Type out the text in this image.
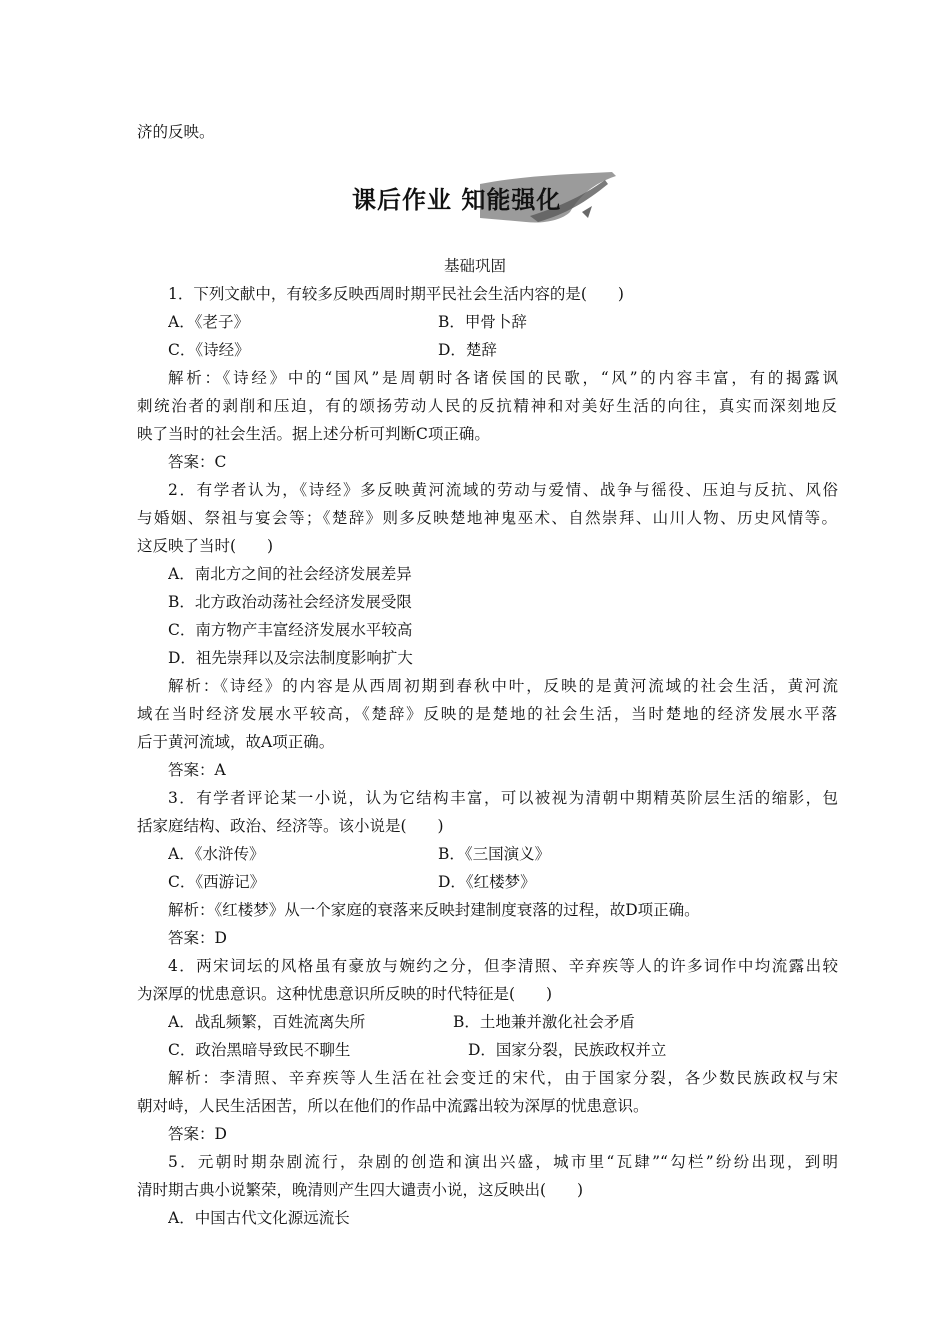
济的反映。
课后作业 知能强化
基础巩固
1．下列文献中，有较多反映西周时期平民社会生活内容的是(　　)
A．《老子》	B．甲骨卜辞
C．《诗经》	D．楚辞
解析：《诗经》中的“国风”是周朝时各诸侯国的民歌，“风”的内容丰富，有的揭露讽
刺统治者的剥削和压迫，有的颂扬劳动人民的反抗精神和对美好生活的向往，真实而深刻地反
映了当时的社会生活。据上述分析可判断C项正确。
答案：C
2．有学者认为，《诗经》多反映黄河流域的劳动与爱情、战争与徭役、压迫与反抗、风俗
与婚姻、祭祖与宴会等；《楚辞》则多反映楚地神鬼巫术、自然崇拜、山川人物、历史风情等。
这反映了当时(　　)
A．南北方之间的社会经济发展差异
B．北方政治动荡社会经济发展受限
C．南方物产丰富经济发展水平较高
D．祖先崇拜以及宗法制度影响扩大
解析：《诗经》的内容是从西周初期到春秋中叶，反映的是黄河流域的社会生活，黄河流
域在当时经济发展水平较高，《楚辞》反映的是楚地的社会生活，当时楚地的经济发展水平落
后于黄河流域，故A项正确。
答案：A
3．有学者评论某一小说，认为它结构丰富，可以被视为清朝中期精英阶层生活的缩影，包
括家庭结构、政治、经济等。该小说是(　　)
A．《水浒传》	B．《三国演义》
C．《西游记》	D．《红楼梦》
解析：《红楼梦》从一个家庭的衰落来反映封建制度衰落的过程，故D项正确。
答案：D
4．两宋词坛的风格虽有豪放与婉约之分，但李清照、辛弃疾等人的许多词作中均流露出较
为深厚的忧患意识。这种忧患意识所反映的时代特征是(　　)
A．战乱频繁，百姓流离失所	B．土地兼并激化社会矛盾
C．政治黑暗导致民不聊生	D．国家分裂，民族政权并立
解析：李清照、辛弃疾等人生活在社会变迁的宋代，由于国家分裂，各少数民族政权与宋
朝对峙，人民生活困苦，所以在他们的作品中流露出较为深厚的忧患意识。
答案：D
5．元朝时期杂剧流行，杂剧的创造和演出兴盛，城市里“瓦肆”“勾栏”纷纷出现，到明
清时期古典小说繁荣，晚清则产生四大谴责小说，这反映出(　　)
A．中国古代文化源远流长
